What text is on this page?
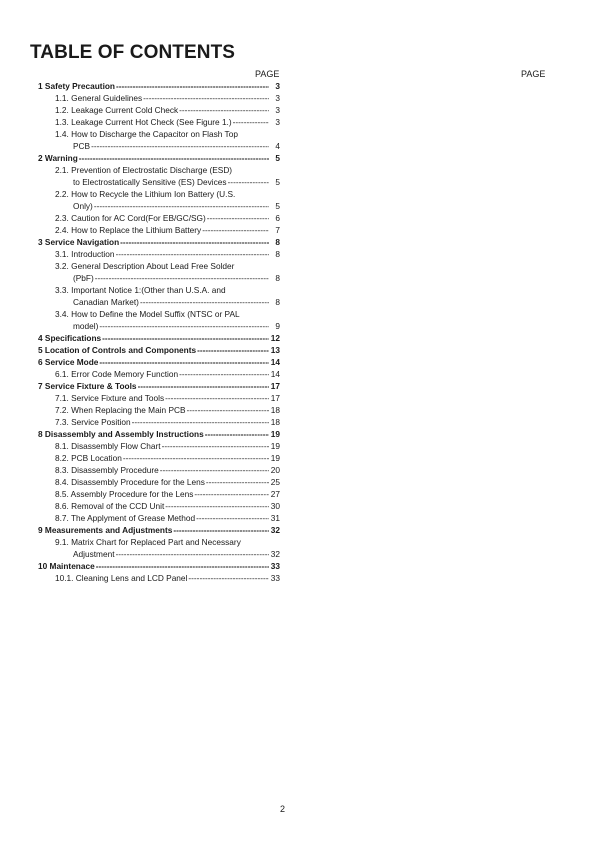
TABLE OF CONTENTS
PAGE	PAGE
1 Safety Precaution -----	3
1.1. General Guidelines -----	3
1.2. Leakage Current Cold Check -----	3
1.3. Leakage Current Hot Check (See Figure 1.) -----	3
1.4. How to Discharge the Capacitor on Flash Top
PCB -----	4
2 Warning -----	5
2.1. Prevention of Electrostatic Discharge (ESD)
to Electrostatically Sensitive (ES) Devices -----	5
2.2. How to Recycle the Lithium Ion Battery (U.S.
Only) -----	5
2.3. Caution for AC Cord(For EB/GC/SG) -----	6
2.4. How to Replace the Lithium Battery -----	7
3 Service Navigation -----	8
3.1. Introduction -----	8
3.2. General Description About Lead Free Solder
(PbF) -----	8
3.3. Important Notice 1:(Other than U.S.A. and
Canadian Market) -----	8
3.4. How to Define the Model Suffix (NTSC or PAL
model) -----	9
4 Specifications -----	12
5 Location of Controls and Components -----	13
6 Service Mode -----	14
6.1. Error Code Memory Function -----	14
7 Service Fixture & Tools -----	17
7.1. Service Fixture and Tools -----	17
7.2. When Replacing the Main PCB -----	18
7.3. Service Position -----	18
8 Disassembly and Assembly Instructions -----	19
8.1. Disassembly Flow Chart -----	19
8.2. PCB Location -----	19
8.3. Disassembly Procedure -----	20
8.4. Disassembly Procedure for the Lens -----	25
8.5. Assembly Procedure for the Lens -----	27
8.6. Removal of the CCD Unit -----	30
8.7. The Applyment of Grease Method -----	31
9 Measurements and Adjustments -----	32
9.1. Matrix Chart for Replaced Part and Necessary
Adjustment -----	32
10 Maintenace -----	33
10.1. Cleaning Lens and LCD Panel -----	33
2
